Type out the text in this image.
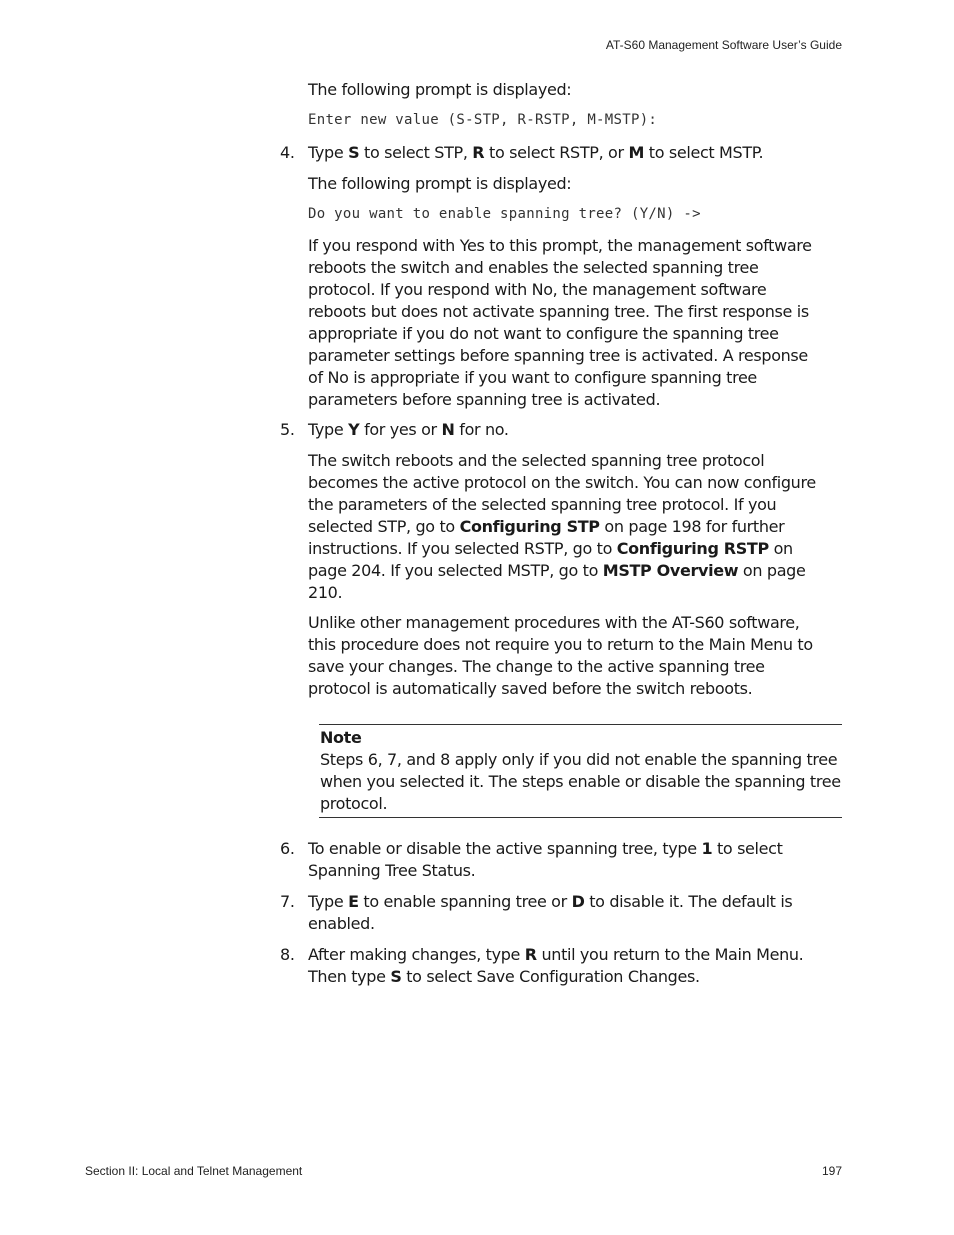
AT-S60 Management Software User’s Guide

The following prompt is displayed:

Enter new value (S-STP, R-RSTP, M-MSTP):
4. Type S to select STP, R to select RSTP, or M to select MSTP.

The following prompt is displayed:

Do you want to enable spanning tree? (Y/N) ->

If you respond with Yes to this prompt, the management software reboots the switch and enables the selected spanning tree protocol. If you respond with No, the management software reboots but does not activate spanning tree. The first response is appropriate if you do not want to configure the spanning tree parameter settings before spanning tree is activated. A response of No is appropriate if you want to configure spanning tree parameters before spanning tree is activated.

5. Type Y for yes or N for no.

The switch reboots and the selected spanning tree protocol becomes the active protocol on the switch. You can now configure the parameters of the selected spanning tree protocol. If you selected STP, go to Configuring STP on page 198 for further instructions. If you selected RSTP, go to Configuring RSTP on page 204. If you selected MSTP, go to MSTP Overview on page 210.

Unlike other management procedures with the AT-S60 software, this procedure does not require you to return to the Main Menu to save your changes. The change to the active spanning tree protocol is automatically saved before the switch reboots.

Note
Steps 6, 7, and 8 apply only if you did not enable the spanning tree when you selected it. The steps enable or disable the spanning tree protocol.
6. To enable or disable the active spanning tree, type 1 to select Spanning Tree Status.
7. Type E to enable spanning tree or D to disable it. The default is enabled.
8. After making changes, type R until you return to the Main Menu. Then type S to select Save Configuration Changes.
Section II: Local and Telnet Management	197
